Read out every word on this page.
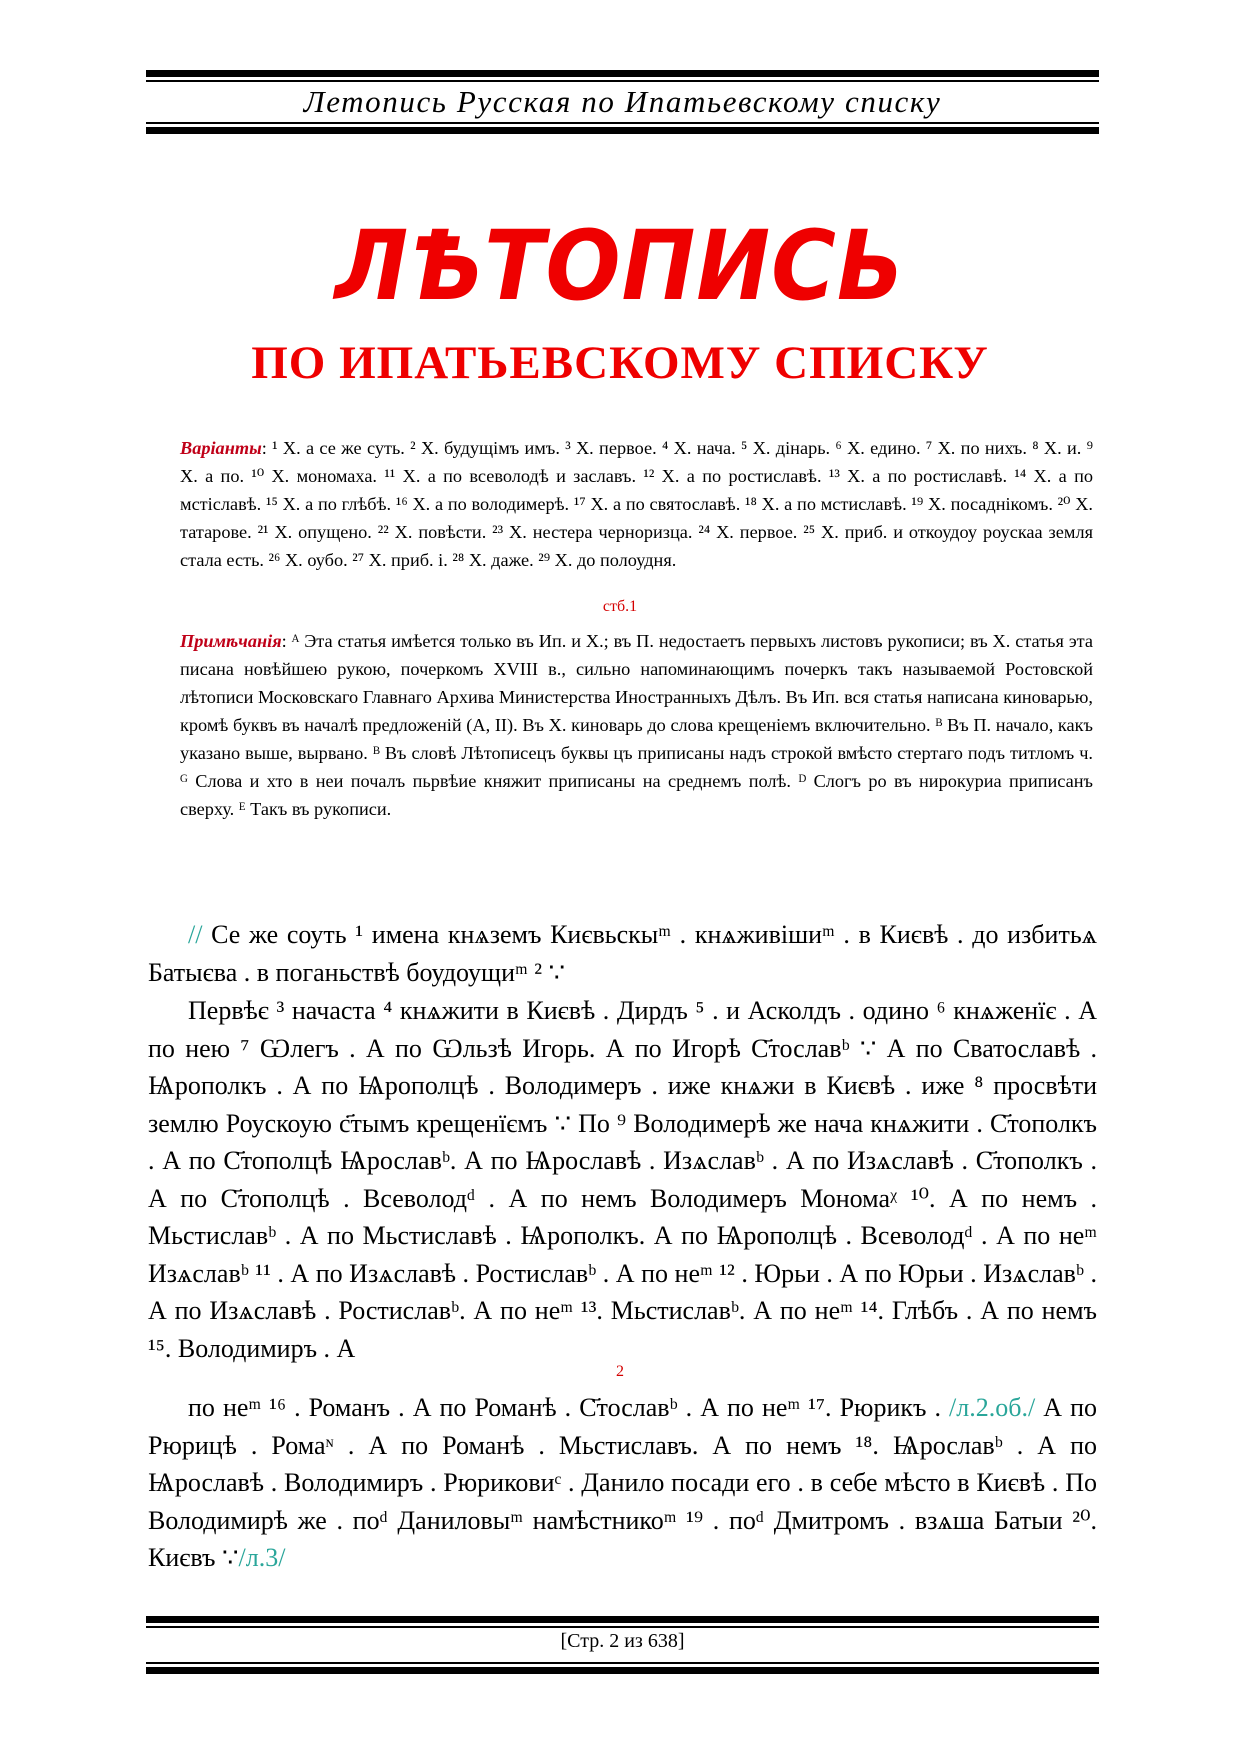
Летопись Русская по Ипатьевскому списку
ЛѢТОПИСЬ
ПО ИПАТЬЕВСКОМУ СПИСКУ
Варіанты: ¹ Х. а се же суть. ² Х. будущімъ имъ. ³ Х. первое. ⁴ Х. нача. ⁵ Х. дінарь. ⁶ Х. едино. ⁷ Х. по нихъ. ⁸ Х. и. ⁹ Х. а по. ¹⁰ Х. мономаха. ¹¹ Х. а по всеволодѣ и заславъ. ¹² Х. а по ростиславѣ. ¹³ Х. а по ростиславѣ. ¹⁴ Х. а по мстіславѣ. ¹⁵ Х. а по глѣбѣ. ¹⁶ Х. а по володимерѣ. ¹⁷ Х. а по святославѣ. ¹⁸ Х. а по мстиславѣ. ¹⁹ Х. посаднікомъ. ²⁰ Х. татарове. ²¹ Х. опущено. ²² Х. повѣсти. ²³ Х. нестера черноризца. ²⁴ Х. первое. ²⁵ Х. приб. и откоудоу роускаа земля стала есть. ²⁶ Х. оубо. ²⁷ Х. приб. і. ²⁸ Х. даже. ²⁹ Х. до полоудня.
стб.1
Примѣчанія: ᴬ Эта статья имѣется только въ Ип. и Х.; въ П. недостаетъ первыхъ листовъ рукописи; въ Х. статья эта писана новѣйшею рукою, почеркомъ XVIII в., сильно напоминающимъ почеркъ такъ называемой Ростовской лѣтописи Московскаго Главнаго Архива Министерства Иностранныхъ Дѣлъ. Въ Ип. вся статья написана киноварью, кромѣ буквъ въ началѣ предложеній (А, II). Въ Х. киноварь до слова крещеніемъ включительно. ᴮ Въ П. начало, какъ указано выше, вырвано. ᴮ Въ словѣ Лѣтописецъ буквы цъ приписаны надъ строкой вмѣсто стертаго подъ титломъ ч. ᴳ Слова и хто в неи почалъ пьрвѣие княжит приписаны на среднемъ полѣ. ᴰ Слогъ ро въ нирокуриа приписанъ сверху. ᴱ Такъ въ рукописи.
// Се же соуть ¹ имена кнѧземъ Києвьскыᵐ . кнѧживішиᵐ . в Києвѣ . до избитьѧ Батыєва . в поганьствѣ боудоущиᵐ ² ∵
Первѣє ³ начаста ⁴ кнѧжити в Києвѣ . Дирдъ ⁵ . и Асколдъ . одино ⁶ кнѧженїє . А по нею ⁷ Ѡлегъ . А по Ѡльзѣ Игорь. А по Игорѣ С҃тославᵇ ∵ А по Сватославѣ . Ѩрополкъ . А по Ѩрополцѣ . Володимеръ . иже кнѧжи в Києвѣ . иже ⁸ просвѣти землю Роускоую с҃тымъ крещенїємъ ∵ По ⁹ Володимерѣ же нача кнѧжити . С҃тополкъ . А по С҃тополцѣ Ѩрославᵇ. А по Ѩрославѣ . Изѧславᵇ . А по Изѧславѣ . С҃тополкъ . А по С҃тополцѣ . Всеволодᵈ . А по немъ Володимеръ Мономаᵡ ¹⁰. А по немъ . Мьстиславᵇ . А по Мьстиславѣ . Ѩрополкъ. А по Ѩрополцѣ . Всеволодᵈ . А по неᵐ Изѧславᵇ ¹¹ . А по Изѧславѣ . Ростиславᵇ . А по неᵐ ¹² . Юрьи . А по Юрьи . Изѧславᵇ . А по Изѧславѣ . Ростиславᵇ. А по неᵐ ¹³. Мьстиславᵇ. А по неᵐ ¹⁴. Глѣбъ . А по немъ ¹⁵. Володимиръ . А
2
по неᵐ ¹⁶ . Романъ . А по Романѣ . С҃тославᵇ . А по неᵐ ¹⁷. Рюрикъ . /л.2.об./ А по Рюрицѣ . Ромаᶰ . А по Романѣ . Мьстиславъ. А по немъ ¹⁸. Ѩрославᵇ . А по Ѩрославѣ . Володимиръ . Рюриковиᶜ . Данило посади его . в себе мѣсто в Києвѣ . По Володимирѣ же . поᵈ Даниловыᵐ намѣстникоᵐ ¹⁹ . поᵈ Дмитромъ . взѧша Батыи ²⁰. Києвъ ∵/л.3/
[Стр. 2 из 638]
